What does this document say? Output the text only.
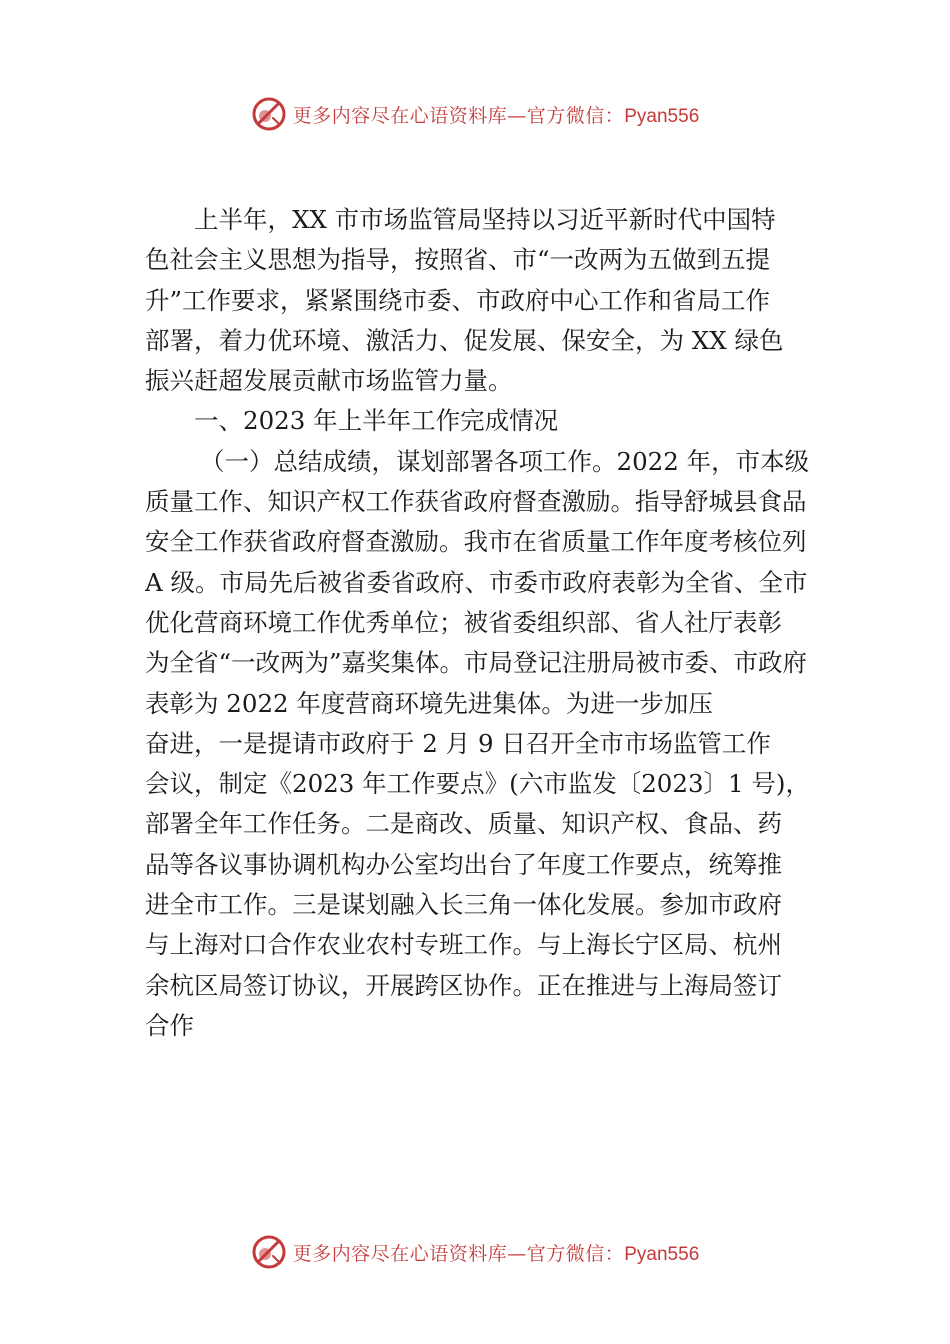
更多内容尽在心语资料库—官方微信：Pyan556
上半年，XX 市市场监管局坚持以习近平新时代中国特
色社会主义思想为指导，按照省、市“一改两为五做到五提
升”工作要求，紧紧围绕市委、市政府中心工作和省局工作
部署，着力优环境、激活力、促发展、保安全，为 XX 绿色
振兴赶超发展贡献市场监管力量。
一、2023 年上半年工作完成情况
（一）总结成绩，谋划部署各项工作。2022 年，市本级
质量工作、知识产权工作获省政府督查激励。指导舒城县食品
安全工作获省政府督查激励。我市在省质量工作年度考核位列
A 级。市局先后被省委省政府、市委市政府表彰为全省、全市
优化营商环境工作优秀单位；被省委组织部、省人社厅表彰
为全省“一改两为”嘉奖集体。市局登记注册局被市委、市政府
表彰为 2022 年度营商环境先进集体。为进一步加压
奋进，一是提请市政府于 2 月 9 日召开全市市场监管工作
会议，制定《2023 年工作要点》(六市监发〔2023〕1 号)，
部署全年工作任务。二是商改、质量、知识产权、食品、药
品等各议事协调机构办公室均出台了年度工作要点，统筹推
进全市工作。三是谋划融入长三角一体化发展。参加市政府
与上海对口合作农业农村专班工作。与上海长宁区局、杭州
余杭区局签订协议，开展跨区协作。正在推进与上海局签订
合作
更多内容尽在心语资料库—官方微信：Pyan556
